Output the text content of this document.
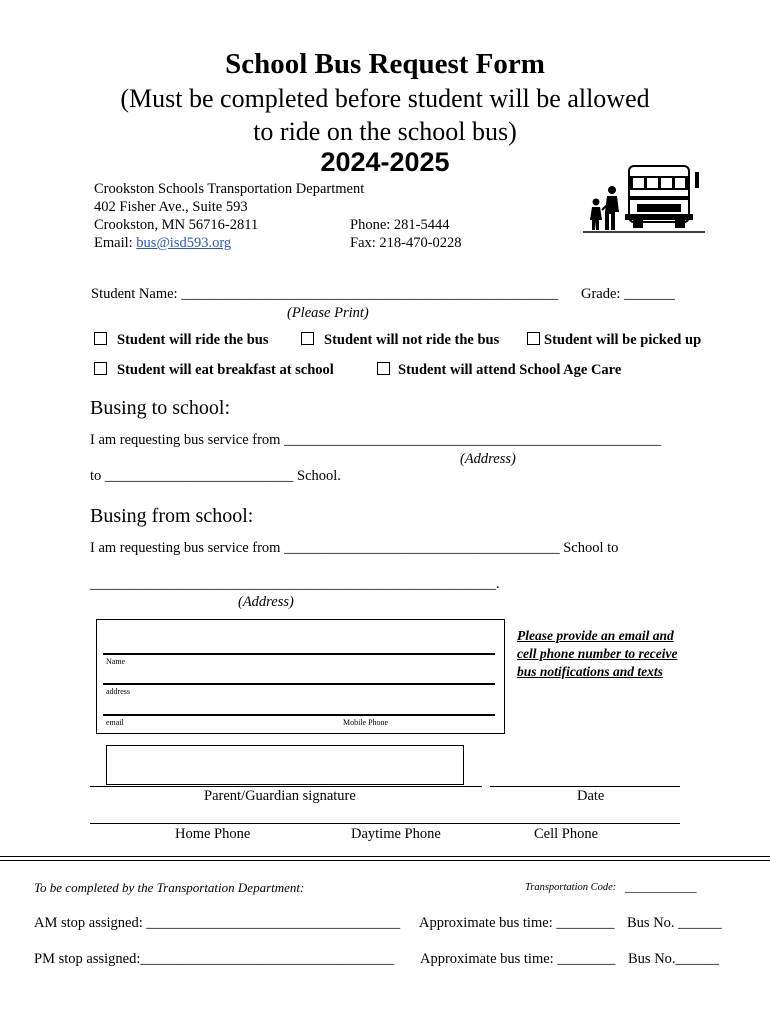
School Bus Request Form
(Must be completed before student will be allowed
to ride on the school bus)
2024-2025
Crookston Schools Transportation Department
402 Fisher Ave., Suite 593
Crookston, MN 56716-2811
Email: bus@isd593.org
Phone: 281-5444
Fax: 218-470-0228
Student Name: ____________________________________________________ Grade: _______
(Please Print)
Student will ride the bus	Student will not ride the bus	Student will be picked up
Student will eat breakfast at school	Student will attend School Age Care
Busing to school:
I am requesting bus service from ____________________________________________________
(Address)
to __________________________ School.
Busing from school:
I am requesting bus service from ______________________________________ School to
________________________________________________________.
(Address)
Name
address
email	Mobile Phone
Please provide an email and
cell phone number to receive
bus notifications and texts
Parent/Guardian signature	Date
Home Phone	Daytime Phone	Cell Phone
To be completed by the Transportation Department:	Transportation Code: ___________
AM stop assigned: ___________________________________ Approximate bus time: ________ Bus No. ______
PM stop assigned:___________________________________ Approximate bus time: ________ Bus No.______
